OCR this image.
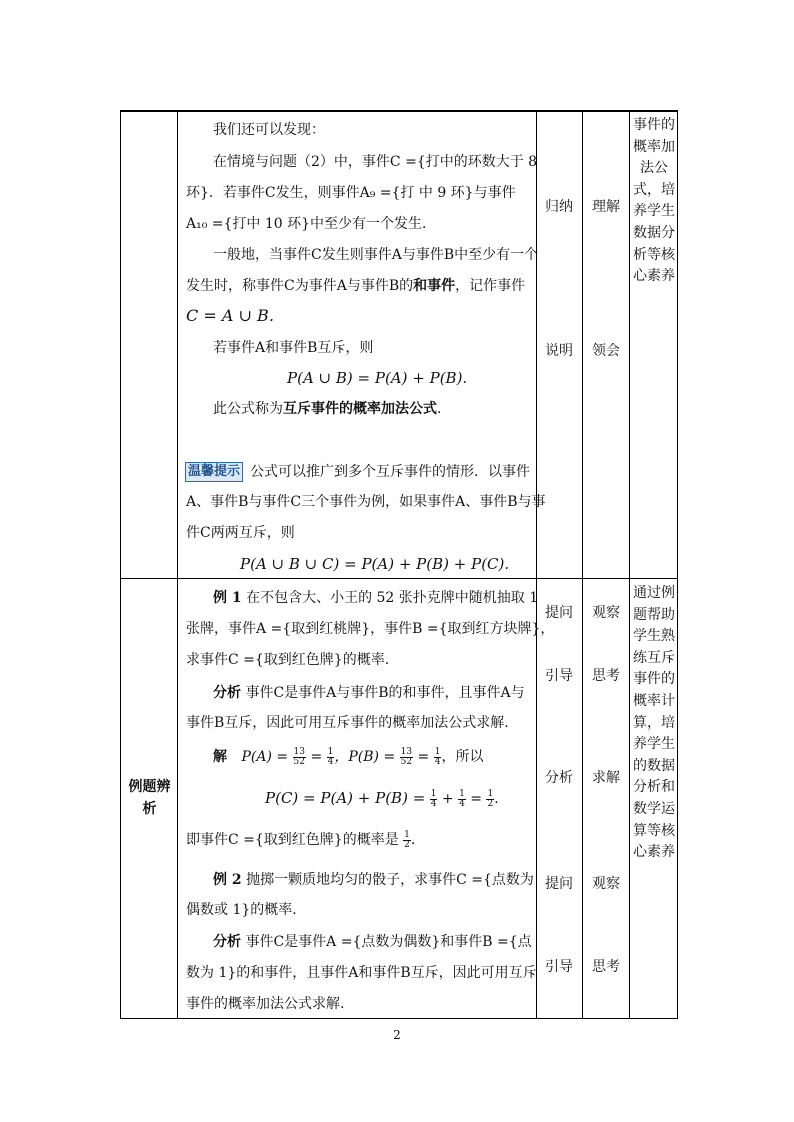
我们还可以发现：
在情境与问题（2）中，事件C ={打中的环数大于 8
环}．若事件C发生，则事件A₉ ={打 中 9 环}与事件
A₁₀ ={打中 10 环}中至少有一个发生．
一般地，当事件C发生则事件A与事件B中至少有一个
发生时，称事件C为事件A与事件B的和事件，记作事件
C = A ∪ B．
若事件A和事件B互斥，则
P(A ∪ B) = P(A) + P(B).
此公式称为互斥事件的概率加法公式．
温馨提示 公式可以推广到多个互斥事件的情形．以事件
A、事件B与事件C三个事件为例，如果事件A、事件B与事
件C两两互斥，则
P(A ∪ B ∪ C) = P(A) + P(B) + P(C).
归纳
说明
理解
领会
事件的概率加法公式，培养学生数据分析等核心素养
例题辨析
例 1 在不包含大、小王的 52 张扑克牌中随机抽取 1
张牌，事件A ={取到红桃牌}，事件B ={取到红方块牌}，
求事件C ={取到红色牌}的概率.
分析 事件C是事件A与事件B的和事件，且事件A与
事件B互斥，因此可用互斥事件的概率加法公式求解.
解 $P(A) = \frac{13}{52} = \frac{1}{4}$ ，$P(B) = \frac{13}{52} = \frac{1}{4}$ ，所以
$P(C) = P(A) + P(B) = \frac{1}{4} + \frac{1}{4} = \frac{1}{2}$ .
即事件C ={取到红色牌}的概率是 $\frac{1}{2}$ .
例 2 抛掷一颗质地均匀的骰子，求事件C ={点数为
偶数或 1}的概率.
分析 事件C是事件A ={点数为偶数}和事件B ={点
数为 1}的和事件，且事件A和事件B互斥，因此可用互斥
事件的概率加法公式求解.
提问
引导
分析
提问
引导
观察
思考
求解
观察
思考
通过例题帮助学生熟练互斥事件的概率计算，培养学生的数据分析和数学运算等核心素养
2
